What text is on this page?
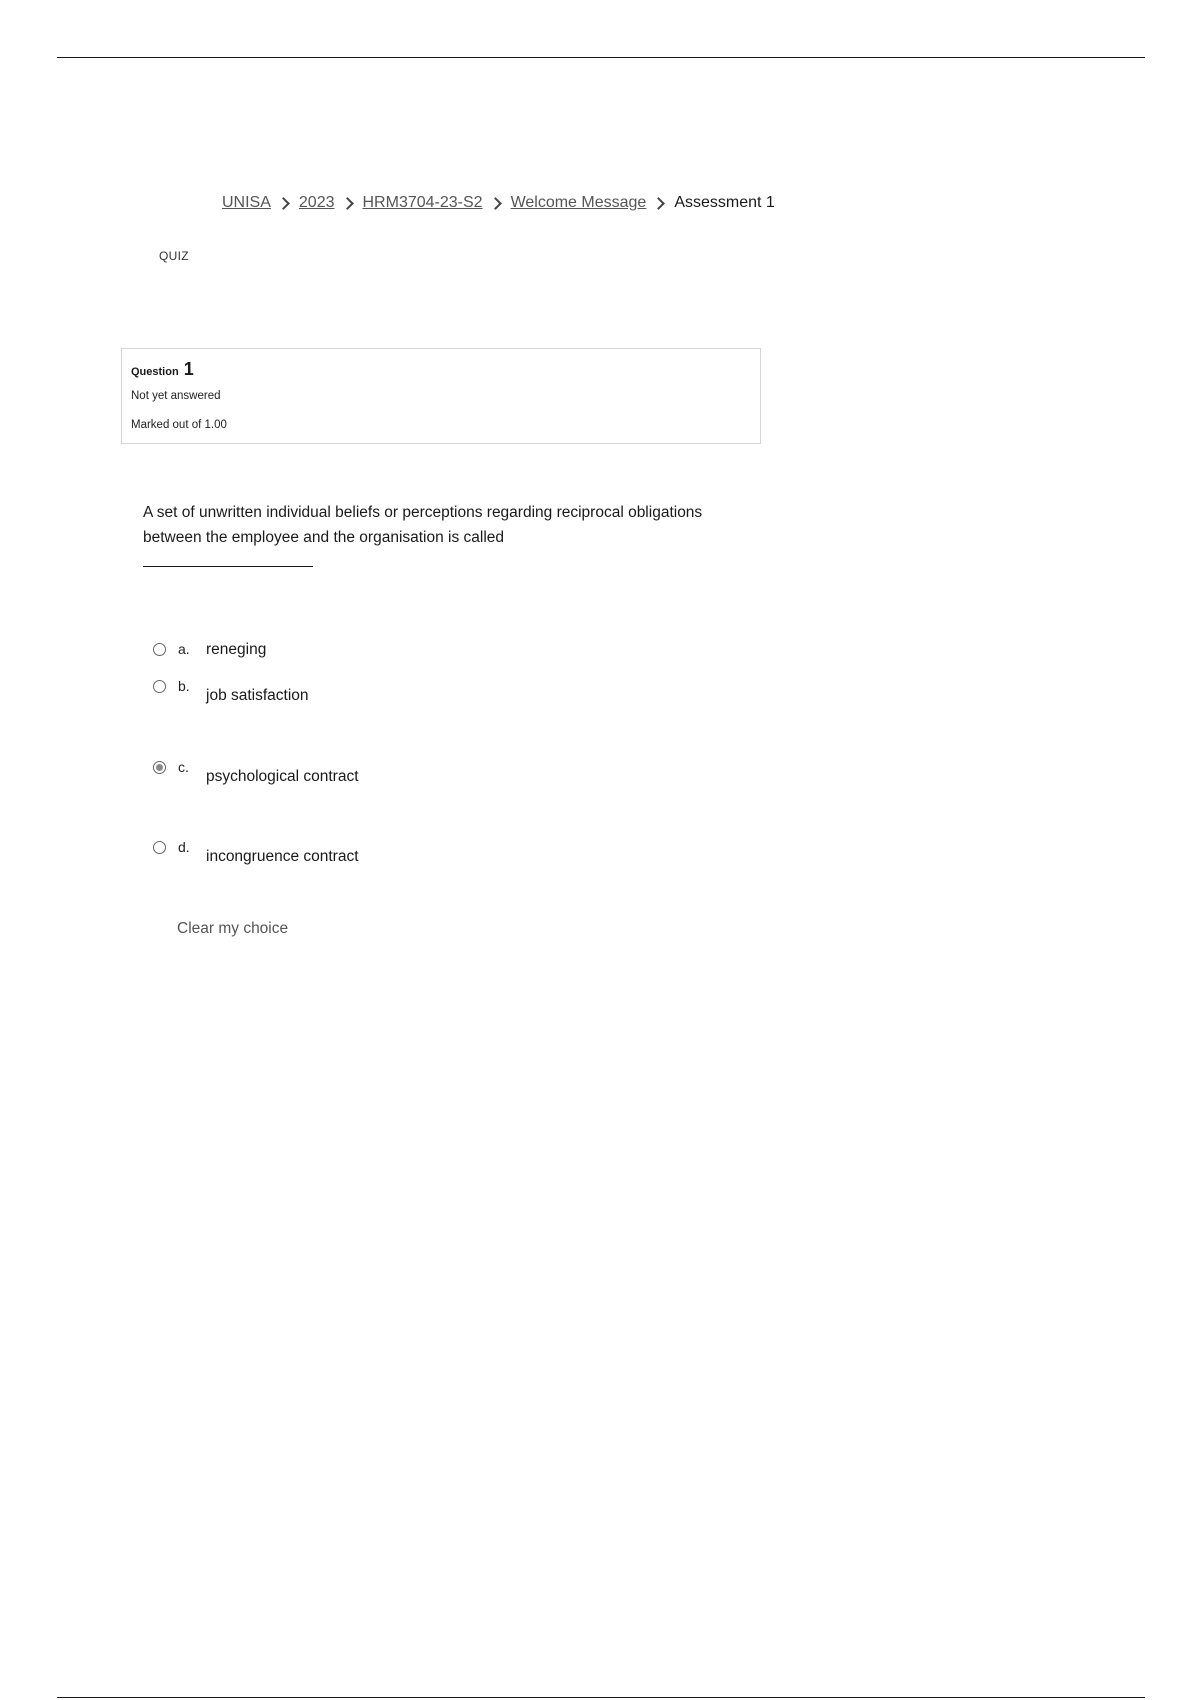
UNISA 2023 HRM3704-23-S2 Welcome Message Assessment 1
QUIZ
Question 1
Not yet answered
Marked out of 1.00
A set of unwritten individual beliefs or perceptions regarding reciprocal obligations between the employee and the organisation is called
a.	reneging
b.
job satisfaction
c.
psychological contract
d.
incongruence contract
Clear my choice
